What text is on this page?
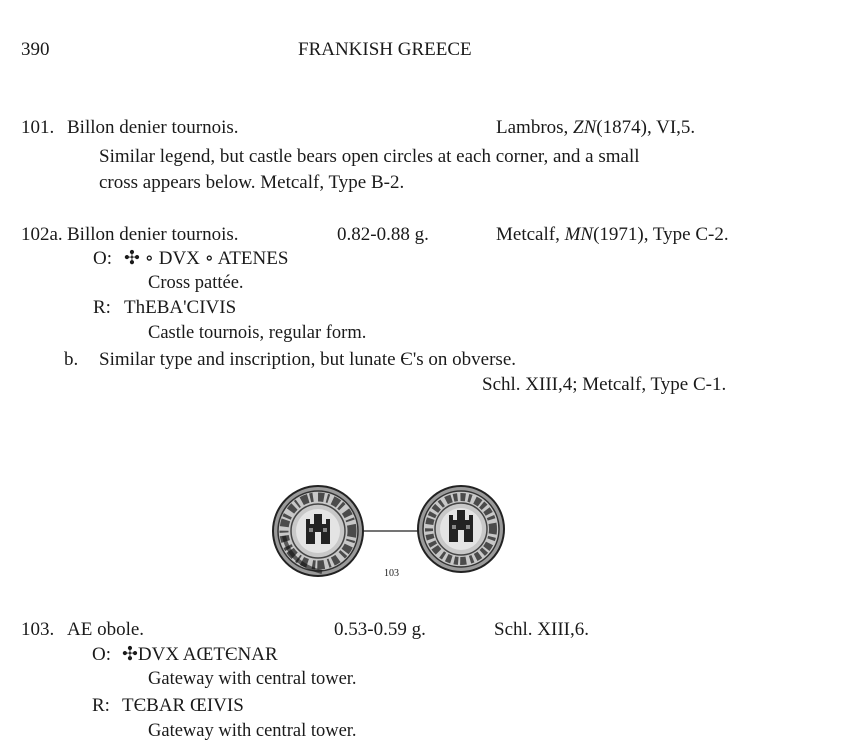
390	FRANKISH GREECE
101. Billon denier tournois.	Lambros, ZN(1874), VI,5.
Similar legend, but castle bears open circles at each corner, and a small
cross appears below. Metcalf, Type B-2.
102a. Billon denier tournois.	0.82-0.88 g.	Metcalf, MN(1971), Type C-2.
O: ✣ ∘ DVX ∘ ATENES
Cross pattée.
R: ThEBA'CIVIS
Castle tournois, regular form.
b. Similar type and inscription, but lunate Є's on obverse.
Schl. XIII,4; Metcalf, Type C-1.
103
103. AE obole.	0.53-0.59 g.	Schl. XIII,6.
O: ✣DVX AŒTЄNAR
Gateway with central tower.
R: TЄBAR ŒIVIS
Gateway with central tower.
